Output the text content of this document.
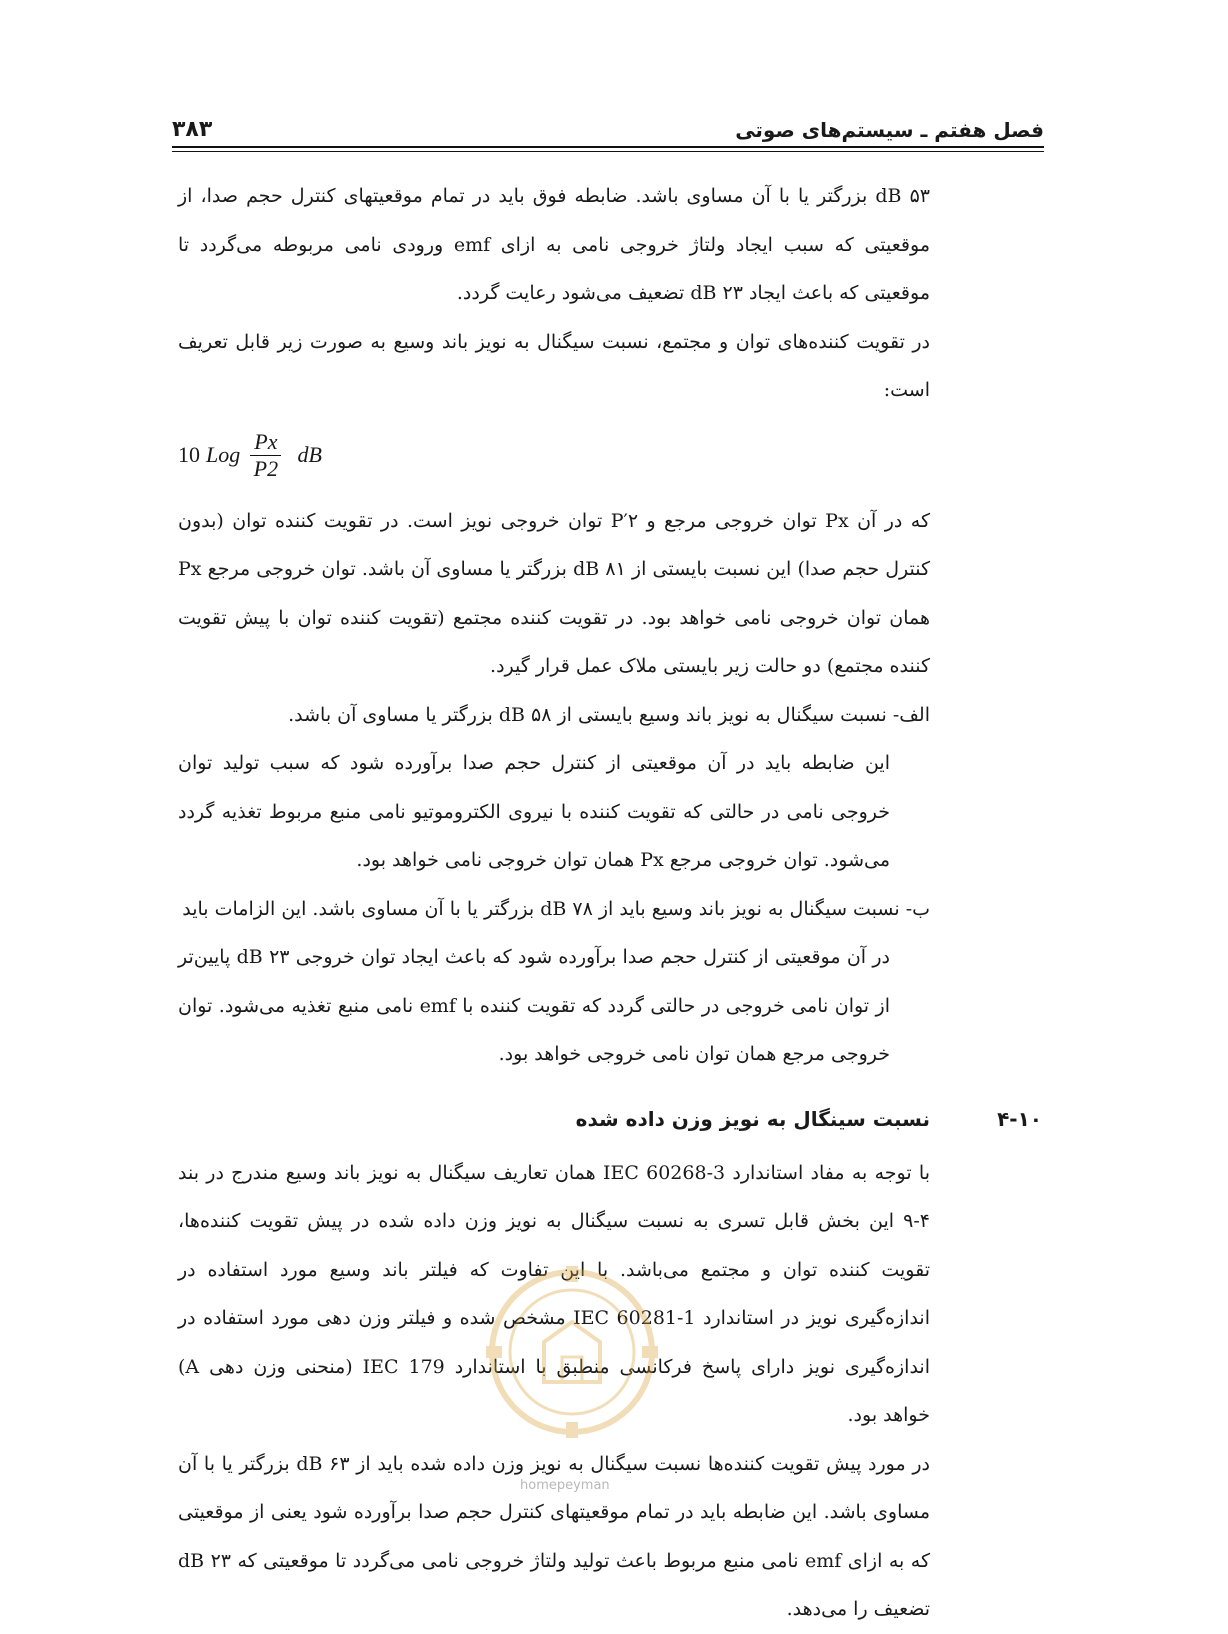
فصل هفتم ـ سیستم‌های صوتی
۳۸۳

۵۳ dB بزرگتر یا با آن مساوی باشد. ضابطه فوق باید در تمام موقعیتهای کنترل حجم صدا، از موقعیتی که سبب ایجاد ولتاژ خروجی نامی به ازای emf ورودی نامی مربوطه می‌گردد تا موقعیتی که باعث ایجاد ۲۳ dB تضعیف می‌شود رعایت گردد.

در تقویت کننده‌های توان و مجتمع، نسبت سیگنال به نویز باند وسیع به صورت زیر قابل تعریف است:

10 Log $\frac{Px}{P2}$ dB

که در آن Px توان خروجی مرجع و P′۲ توان خروجی نویز است. در تقویت کننده توان (بدون کنترل حجم صدا) این نسبت بایستی از ۸۱ dB بزرگتر یا مساوی آن باشد. توان خروجی مرجع Px همان توان خروجی نامی خواهد بود. در تقویت کننده مجتمع (تقویت کننده توان با پیش تقویت کننده مجتمع) دو حالت زیر بایستی ملاک عمل قرار گیرد.

الف- نسبت سیگنال به نویز باند وسیع بایستی از ۵۸ dB بزرگتر یا مساوی آن باشد.

این ضابطه باید در آن موقعیتی از کنترل حجم صدا برآورده شود که سبب تولید توان خروجی نامی در حالتی که تقویت کننده با نیروی الکتروموتیو نامی منبع مربوط تغذیه گردد می‌شود. توان خروجی مرجع Px همان توان خروجی نامی خواهد بود.

ب- نسبت سیگنال به نویز باند وسیع باید از ۷۸ dB بزرگتر یا با آن مساوی باشد. این الزامات باید

در آن موقعیتی از کنترل حجم صدا برآورده شود که باعث ایجاد توان خروجی ۲۳ dB پایین‌تر از توان نامی خروجی در حالتی گردد که تقویت کننده با emf نامی منبع تغذیه می‌شود. توان خروجی مرجع همان توان نامی خروجی خواهد بود.

۴-۱۰
نسبت سینگال به نویز وزن داده شده

با توجه به مفاد استاندارد IEC 60268-3 همان تعاریف سیگنال به نویز باند وسیع مندرج در بند ۴-۹ این بخش قابل تسری به نسبت سیگنال به نویز وزن داده شده در پیش تقویت کننده‌ها، تقویت کننده توان و مجتمع می‌باشد. با این تفاوت که فیلتر باند وسیع مورد استفاده در اندازه‌گیری نویز در استاندارد IEC 60281-1 مشخص شده و فیلتر وزن دهی مورد استفاده در اندازه‌گیری نویز دارای پاسخ فرکانسی منطبق با استاندارد IEC 179 (منحنی وزن دهی A) خواهد بود.

در مورد پیش تقویت کننده‌ها نسبت سیگنال به نویز وزن داده شده باید از ۶۳ dB بزرگتر یا با آن مساوی باشد. این ضابطه باید در تمام موقعیتهای کنترل حجم صدا برآورده شود یعنی از موقعیتی که به ازای emf نامی منبع مربوط باعث تولید ولتاژ خروجی نامی می‌گردد تا موقعیتی که ۲۳ dB تضعیف را می‌دهد.

homepeyman
